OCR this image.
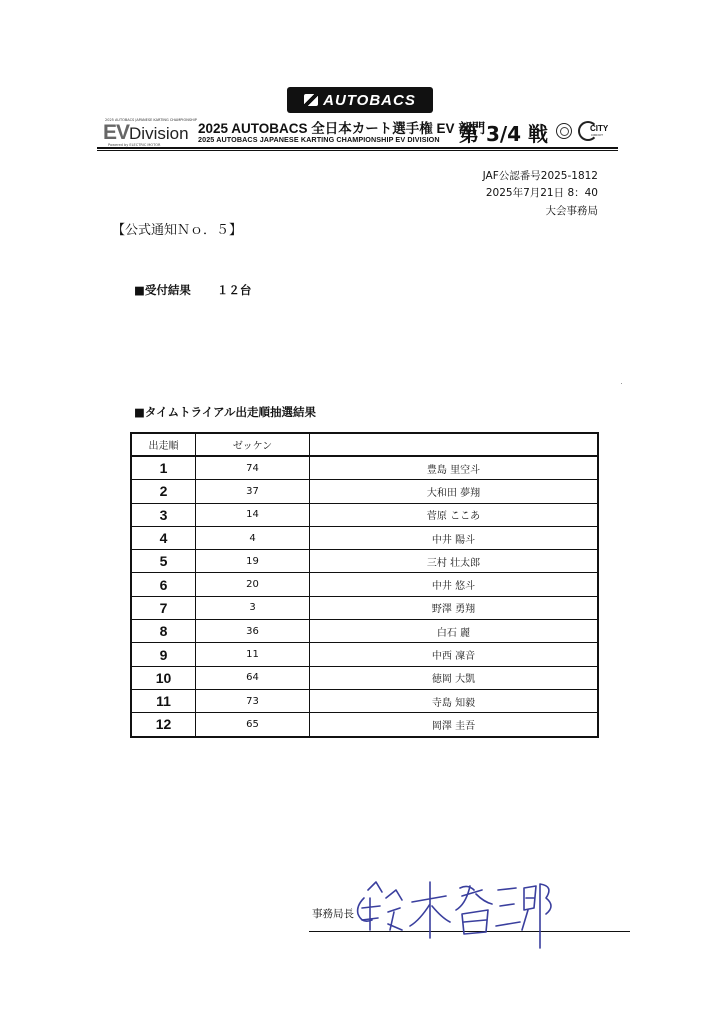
AUTOBACS
2025 AUTOBACS JAPANESE KARTING CHAMPIONSHIP
EVDivision
Powered by ELECTRIC MOTOR
2025 AUTOBACS 全日本カート選手権 EV 部門
2025 AUTOBACS JAPANESE KARTING CHAMPIONSHIP EV DIVISION 第 3/4 戦	CITY
CIRCUIT
JAF公認番号2025-1812
2025年7月21日 8：40
大会事務局
【公式通知Ｎｏ．５】
■受付結果 １２台
■タイムトライアル出走順抽選結果
出走順	ゼッケン	
1	74	豊島 里空斗
2	37	大和田 夢翔
3	14	菅原 ここあ
4	4	中井 陽斗
5	19	三村 壮太郎
6	20	中井 悠斗
7	3	野澤 勇翔
8	36	白石 麗
9	11	中西 凜音
10	64	徳岡 大凱
11	73	寺島 知毅
12	65	岡澤 圭吾
事務局長
